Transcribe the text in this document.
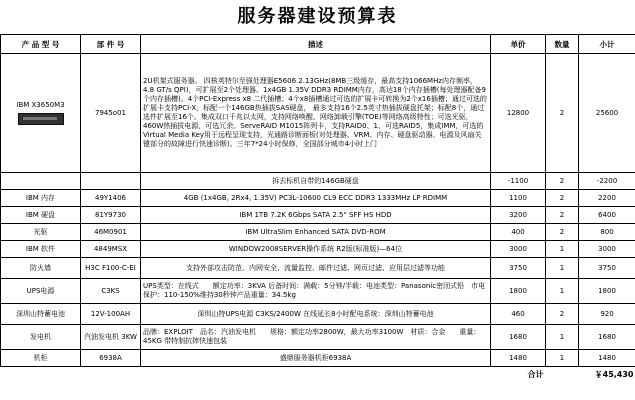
服务器建设预算表
产 品 型 号	部 件 号	描述	单价	数量	小计

IBM X3650M3	7945o01	2U机架式服务器。 四核英特尔至强处理器E5606 2.13GHz(8MB三级缓存，最高支持1066MHz内存频率，4.8 GT/s QPI)，可扩展至2个处理器。1x4GB 1.35V DDR3 RDIMM内存，高达18个内存插槽(每处理器配备9个内存插槽)。4个PCI-Express x8 二代插槽；4个x8插槽通过可选的扩展卡可转换为2个x16插槽；通过可选的扩展卡支持PCI-X，标配一个146GB热插拔SAS硬盘， 最多支持16个2.5英寸热插拔硬盘托架；标配8个，通过选件扩展至16个。集成双口千兆以太网，支持网络唤醒、网络卸载引擎(TOE)等网络高级特性；可选光驱，460W热插拔电源，可选冗余。ServeRAID M1015阵列卡，支持RAID0、1、可选RAID5，集成IMM，可选的Virtual Media Key用于远程呈现支持，光通路诊断面板(对处理器、VRM、内存、硬盘驱动器、电源及风扇关键部分的故障进行快速诊断)。三年7*24小时保修，全国部分城市4小时上门	12800	2	25600
		拆去标机自带的146GB硬盘	-1100	2	-2200
IBM 内存	49Y1406	4GB (1x4GB, 2Rx4, 1.35V) PC3L-10600 CL9 ECC DDR3 1333MHz LP RDIMM	1100	2	2200
IBM 硬盘	81Y9730	IBM 1TB 7.2K 6Gbps SATA 2.5" SFF HS HDD	3200	2	6400
光驱	46M0901	IBM UltraSlim Enhanced SATA DVD-ROM	400	2	800
IBM 软件	4849MSX	WINDOW2008SERVER操作系统 R2版(标准版)—64位	3000	1	3000
防火墙	H3C F100-C-EI	支持外部攻击防范、内网安全、流量监控、邮件过滤、网页过滤、应用层过滤等功能	3750	1	3750
UPS电源	C3KS	UPS类型：在线式　　额定功率：3KVA 后备时间：满载：5分钟/半载：电池类型：Panasonic密闭式铅　市电保护：110-150%维持30秒钟产品重量：34.5kg	1800	1	1800
深圳山特蓄电池	12V-100AH	深圳山特UPS电源 C3KS/2400W 在线延长8小时配电系统：深圳山特蓄电池	460	2	920
发电机	汽油发电机 3KW	品牌：EXPLOIT　品名：汽油发电机　　规格：额定功率2800W，最大功率3100W　材质：合金　　重量：45KG 带特制抗摔快速包装	1680	1	1680
机柜	6938A	盛鼎服务器机柜6938A	1480	1	1480
合计				￥45,430	
